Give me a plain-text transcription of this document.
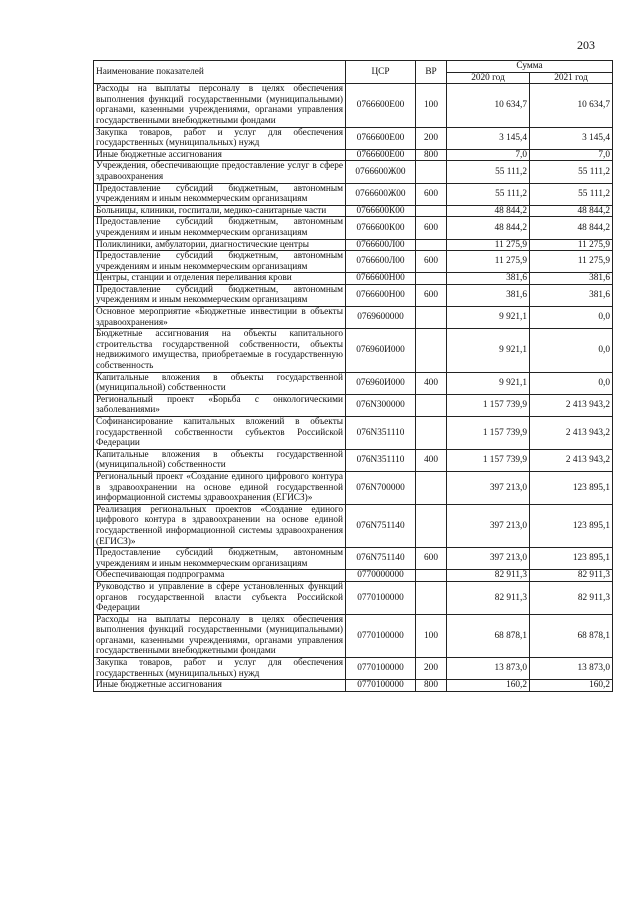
203
Наименование показателей	ЦСР	ВР	Сумма	
			2020 год	2021 год
Расходы на выплаты персоналу в целях обеспечения выполнения функций государственными (муниципальными) органами, казенными учреждениями, органами управления государственными внебюджетными фондами	0766600Е00	100	10 634,7	10 634,7
Закупка товаров, работ и услуг для обеспечения государственных (муниципальных) нужд	0766600Е00	200	3 145,4	3 145,4
Иные бюджетные ассигнования	0766600Е00	800	7,0	7,0
Учреждения, обеспечивающие предоставление услуг в сфере здравоохранения	0766600Ж00		55 111,2	55 111,2
Предоставление субсидий бюджетным, автономным учреждениям и иным некоммерческим организациям	0766600Ж00	600	55 111,2	55 111,2
Больницы, клиники, госпитали, медико-санитарные части	0766600К00		48 844,2	48 844,2
Предоставление субсидий бюджетным, автономным учреждениям и иным некоммерческим организациям	0766600К00	600	48 844,2	48 844,2
Поликлиники, амбулатории, диагностические центры	0766600Л00		11 275,9	11 275,9
Предоставление субсидий бюджетным, автономным учреждениям и иным некоммерческим организациям	0766600Л00	600	11 275,9	11 275,9
Центры, станции и отделения переливания крови	0766600Н00		381,6	381,6
Предоставление субсидий бюджетным, автономным учреждениям и иным некоммерческим организациям	0766600Н00	600	381,6	381,6
Основное мероприятие «Бюджетные инвестиции в объекты здравоохранения»	0769600000		9 921,1	0,0
Бюджетные ассигнования на объекты капитального строительства государственной собственности, объекты недвижимого имущества, приобретаемые в государственную собственность	076960И000		9 921,1	0,0
Капитальные вложения в объекты государственной (муниципальной) собственности	076960И000	400	9 921,1	0,0
Региональный проект «Борьба с онкологическими заболеваниями»	076N300000		1 157 739,9	2 413 943,2
Софинансирование капитальных вложений в объекты государственной собственности субъектов Российской Федерации	076N351110		1 157 739,9	2 413 943,2
Капитальные вложения в объекты государственной (муниципальной) собственности	076N351110	400	1 157 739,9	2 413 943,2
Региональный проект «Создание единого цифрового контура в здравоохранении на основе единой государственной информационной системы здравоохранения (ЕГИСЗ)»	076N700000		397 213,0	123 895,1
Реализация региональных проектов «Создание единого цифрового контура в здравоохранении на основе единой государственной информационной системы здравоохранения (ЕГИСЗ)»	076N751140		397 213,0	123 895,1
Предоставление субсидий бюджетным, автономным учреждениям и иным некоммерческим организациям	076N751140	600	397 213,0	123 895,1
Обеспечивающая подпрограмма	0770000000		82 911,3	82 911,3
Руководство и управление в сфере установленных функций органов государственной власти субъекта Российской Федерации	0770100000		82 911,3	82 911,3
Расходы на выплаты персоналу в целях обеспечения выполнения функций государственными (муниципальными) органами, казенными учреждениями, органами управления государственными внебюджетными фондами	0770100000	100	68 878,1	68 878,1
Закупка товаров, работ и услуг для обеспечения государственных (муниципальных) нужд	0770100000	200	13 873,0	13 873,0
Иные бюджетные ассигнования	0770100000	800	160,2	160,2
